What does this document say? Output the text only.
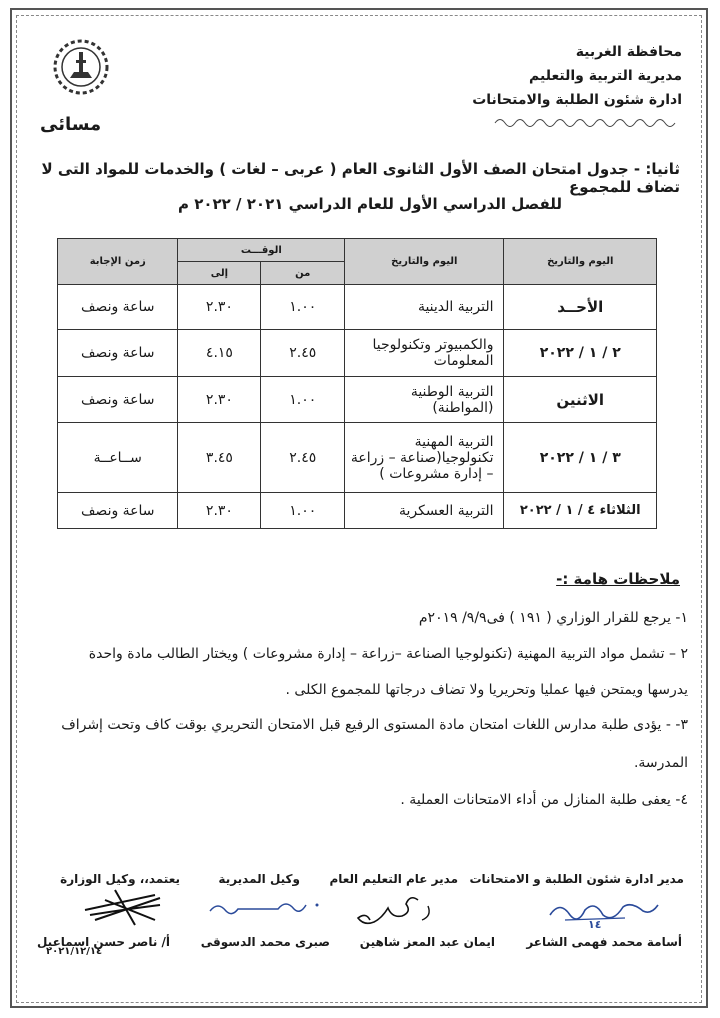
محافظة الغربية
مديرية التربية والتعليم
ادارة شئون الطلبة والامتحانات
مسائى
ثانيا: - جدول امتحان الصف الأول الثانوى العام ( عربى – لغات ) والخدمات للمواد التى لا تضاف للمجموع
للفصل الدراسي الأول للعام الدراسي ٢٠٢١ / ٢٠٢٢ م
اليوم والتاريخ	اليوم والتاريخ	الوقـــت		زمن الإجابة
		من	إلى	
الأحــد	التربية الدينية	١.٠٠	٢.٣٠	ساعة ونصف
٢ / ١ / ٢٠٢٢	والكمبيوتر وتكنولوجيا المعلومات	٢.٤٥	٤.١٥	ساعة ونصف
الاثنين	التربية الوطنية (المواطنة)	١.٠٠	٢.٣٠	ساعة ونصف
٣ / ١ / ٢٠٢٢	التربية المهنية تكنولوجيا(صناعة – زراعة – إدارة مشروعات )	٢.٤٥	٣.٤٥	ســاعــة
الثلاثاء ٤ / ١ / ٢٠٢٢	التربية العسكرية	١.٠٠	٢.٣٠	ساعة ونصف
ملاحظات هامة :-
١- يرجع للقرار الوزاري ( ١٩١ ) فى٩/٩/ ٢٠١٩م
٢ – تشمل مواد التربية المهنية (تكنولوجيا الصناعة –زراعة – إدارة مشروعات ) ويختار الطالب مادة واحدة
يدرسها ويمتحن فيها عمليا وتحريريا ولا تضاف درجاتها للمجموع الكلى .
٣- - يؤدى طلبة مدارس اللغات امتحان مادة المستوى الرفيع قبل الامتحان التحريري بوقت كاف وتحت إشراف
المدرسة.
٤- يعفى طلبة المنازل من أداء الامتحانات العملية .
مدير ادارة شئون الطلبة و الامتحانات
مدير عام التعليم العام
وكيل المديرية
يعتمد،، وكيل الوزارة
١٤
٢٠٢١/١٢/١٤
أسامة محمد فهمى الشاعر
ايمان عبد المعز شاهين
صبرى محمد الدسوقى
أ/ ناصر حسن اسماعيل
